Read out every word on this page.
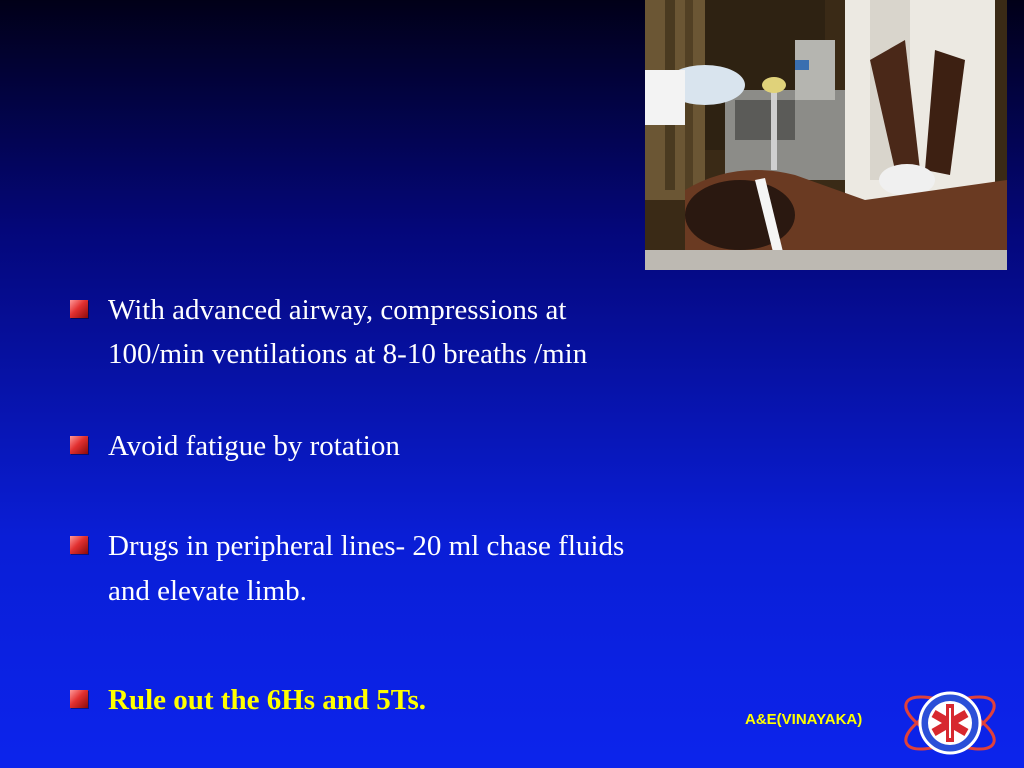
With advanced airway, compressions at
100/min ventilations at 8-10 breaths /min
Avoid fatigue by rotation
Drugs in peripheral lines- 20 ml chase fluids
and elevate limb.
Rule out the 6Hs and 5Ts.
A&E(VINAYAKA)
